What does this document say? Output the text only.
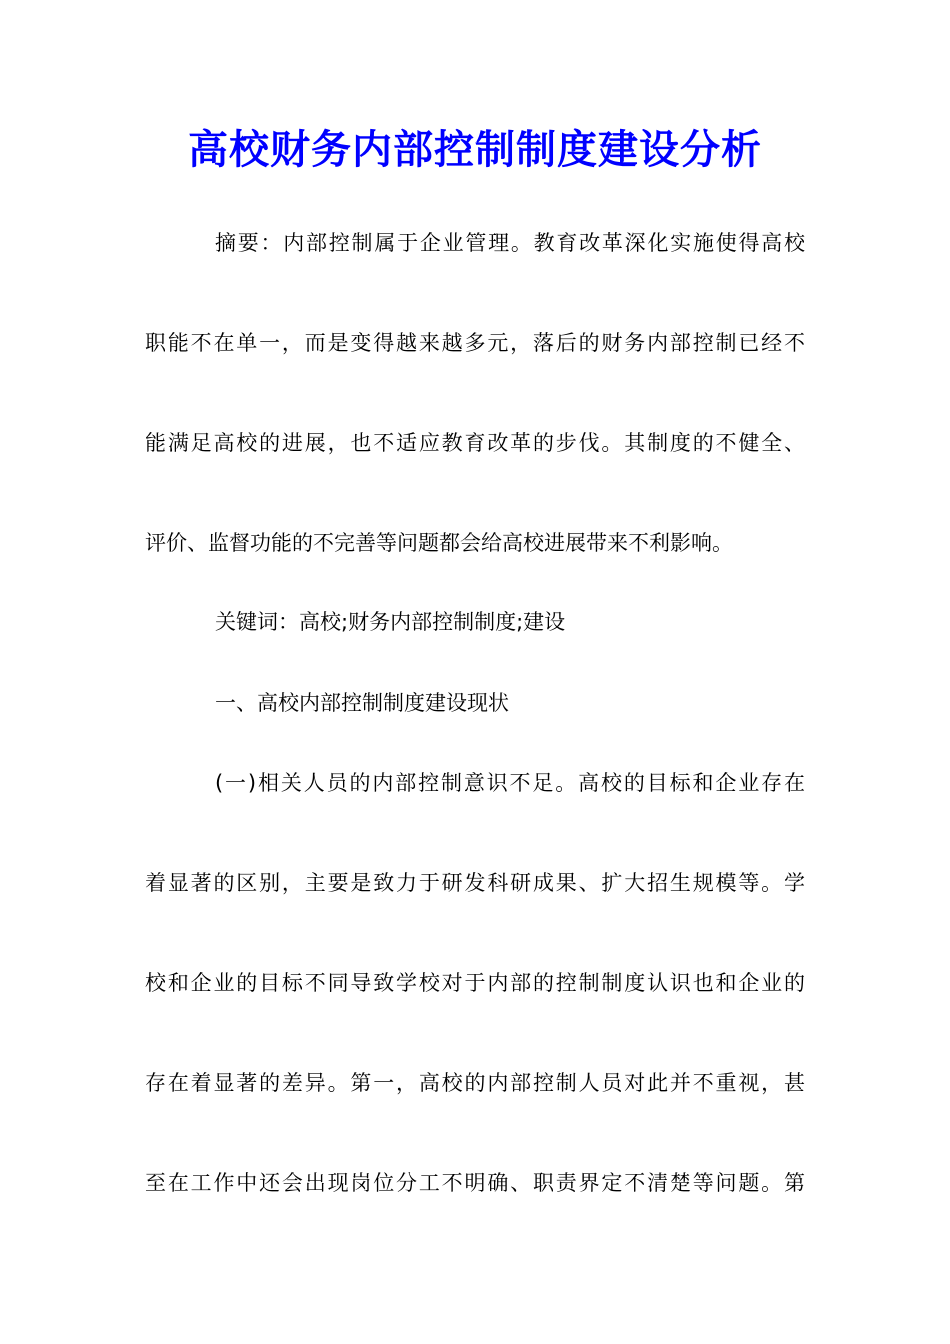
高校财务内部控制制度建设分析
摘要：内部控制属于企业管理。教育改革深化实施使得高校
职能不在单一，而是变得越来越多元，落后的财务内部控制已经不
能满足高校的进展，也不适应教育改革的步伐。其制度的不健全、
评价、监督功能的不完善等问题都会给高校进展带来不利影响。
关键词：高校;财务内部控制制度;建设
一、高校内部控制制度建设现状
(一)相关人员的内部控制意识不足。高校的目标和企业存在
着显著的区别，主要是致力于研发科研成果、扩大招生规模等。学
校和企业的目标不同导致学校对于内部的控制制度认识也和企业的
存在着显著的差异。第一，高校的内部控制人员对此并不重视，甚
至在工作中还会出现岗位分工不明确、职责界定不清楚等问题。第
